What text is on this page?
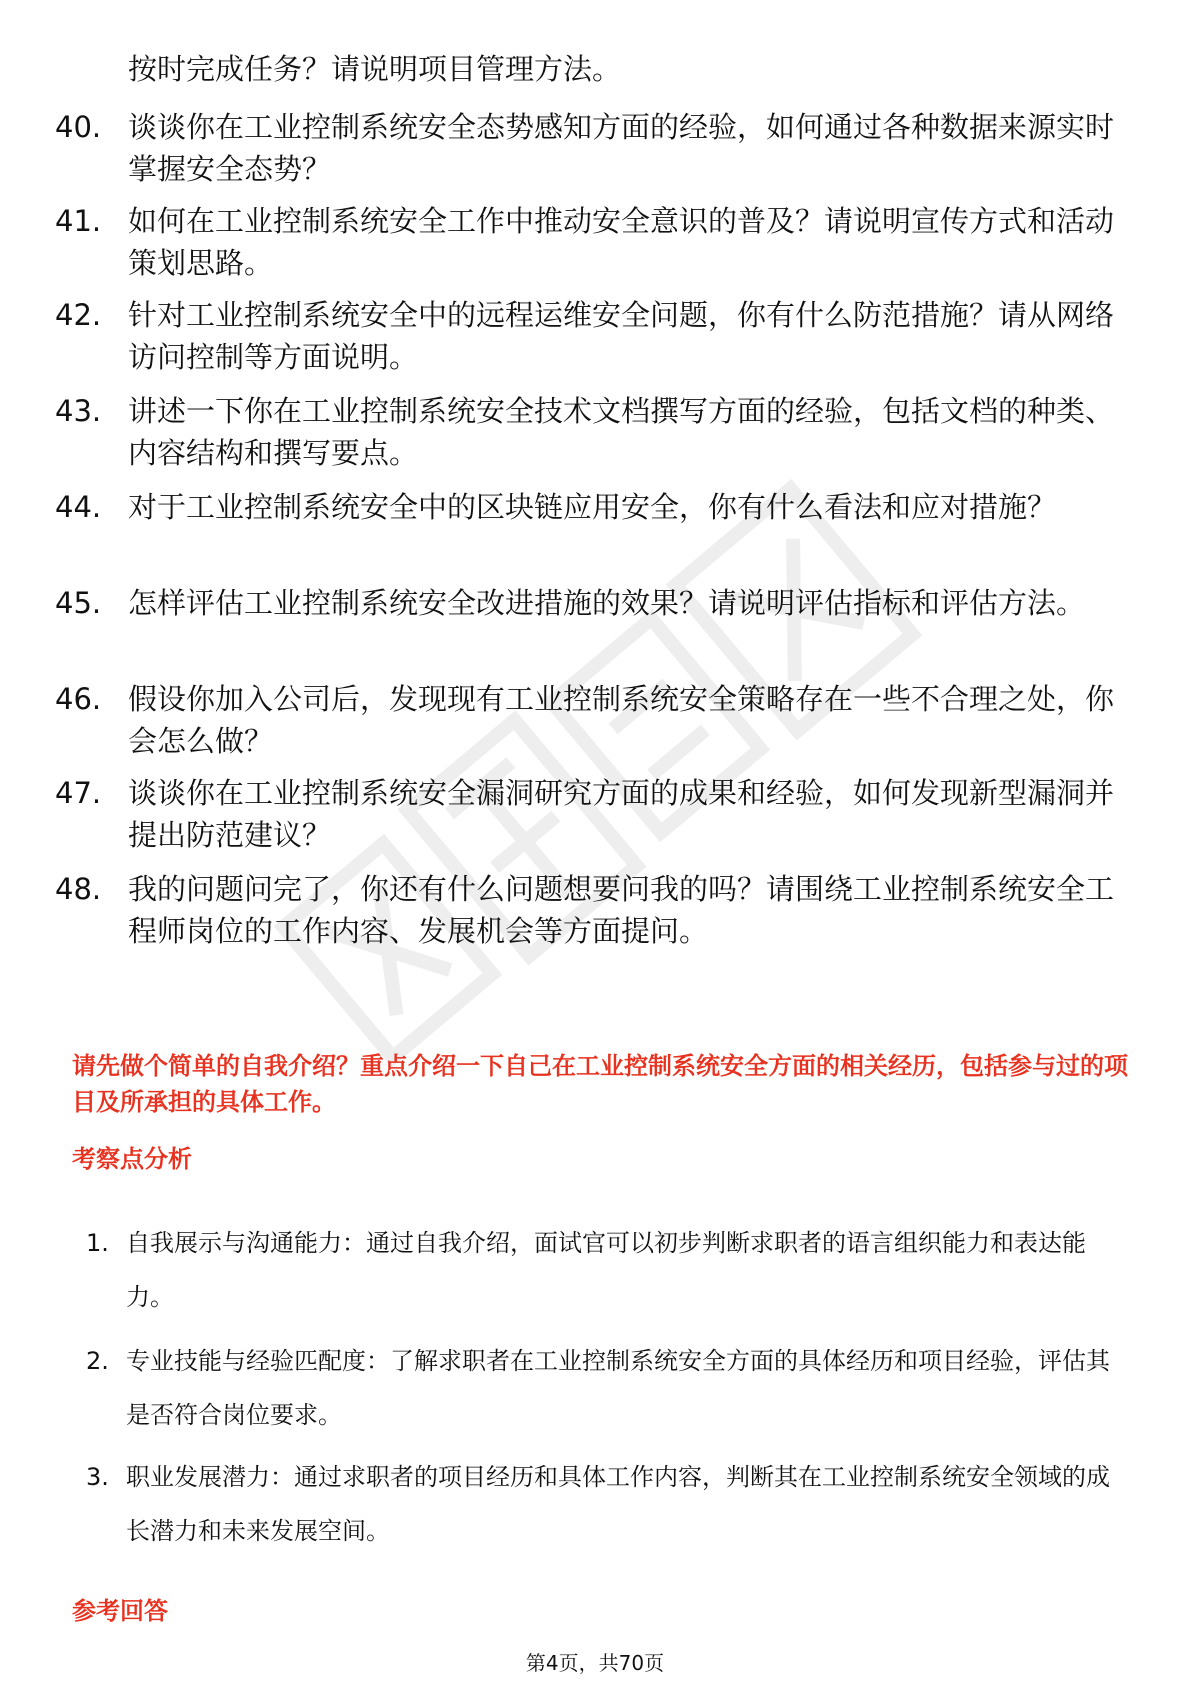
按时完成任务？请说明项目管理方法。
40. 谈谈你在工业控制系统安全态势感知方面的经验，如何通过各种数据来源实时掌握安全态势？
41. 如何在工业控制系统安全工作中推动安全意识的普及？请说明宣传方式和活动策划思路。
42. 针对工业控制系统安全中的远程运维安全问题，你有什么防范措施？请从网络访问控制等方面说明。
43. 讲述一下你在工业控制系统安全技术文档撰写方面的经验，包括文档的种类、内容结构和撰写要点。
44. 对于工业控制系统安全中的区块链应用安全，你有什么看法和应对措施？
45. 怎样评估工业控制系统安全改进措施的效果？请说明评估指标和评估方法。
46. 假设你加入公司后，发现现有工业控制系统安全策略存在一些不合理之处，你会怎么做？
47. 谈谈你在工业控制系统安全漏洞研究方面的成果和经验，如何发现新型漏洞并提出防范建议？
48. 我的问题问完了，你还有什么问题想要问我的吗？请围绕工业控制系统安全工程师岗位的工作内容、发展机会等方面提问。
请先做个简单的自我介绍？重点介绍一下自己在工业控制系统安全方面的相关经历，包括参与过的项目及所承担的具体工作。
考察点分析
1. 自我展示与沟通能力：通过自我介绍，面试官可以初步判断求职者的语言组织能力和表达能力。
2. 专业技能与经验匹配度：了解求职者在工业控制系统安全方面的具体经历和项目经验，评估其是否符合岗位要求。
3. 职业发展潜力：通过求职者的项目经历和具体工作内容，判断其在工业控制系统安全领域的成长潜力和未来发展空间。
参考回答
第4页，共70页
